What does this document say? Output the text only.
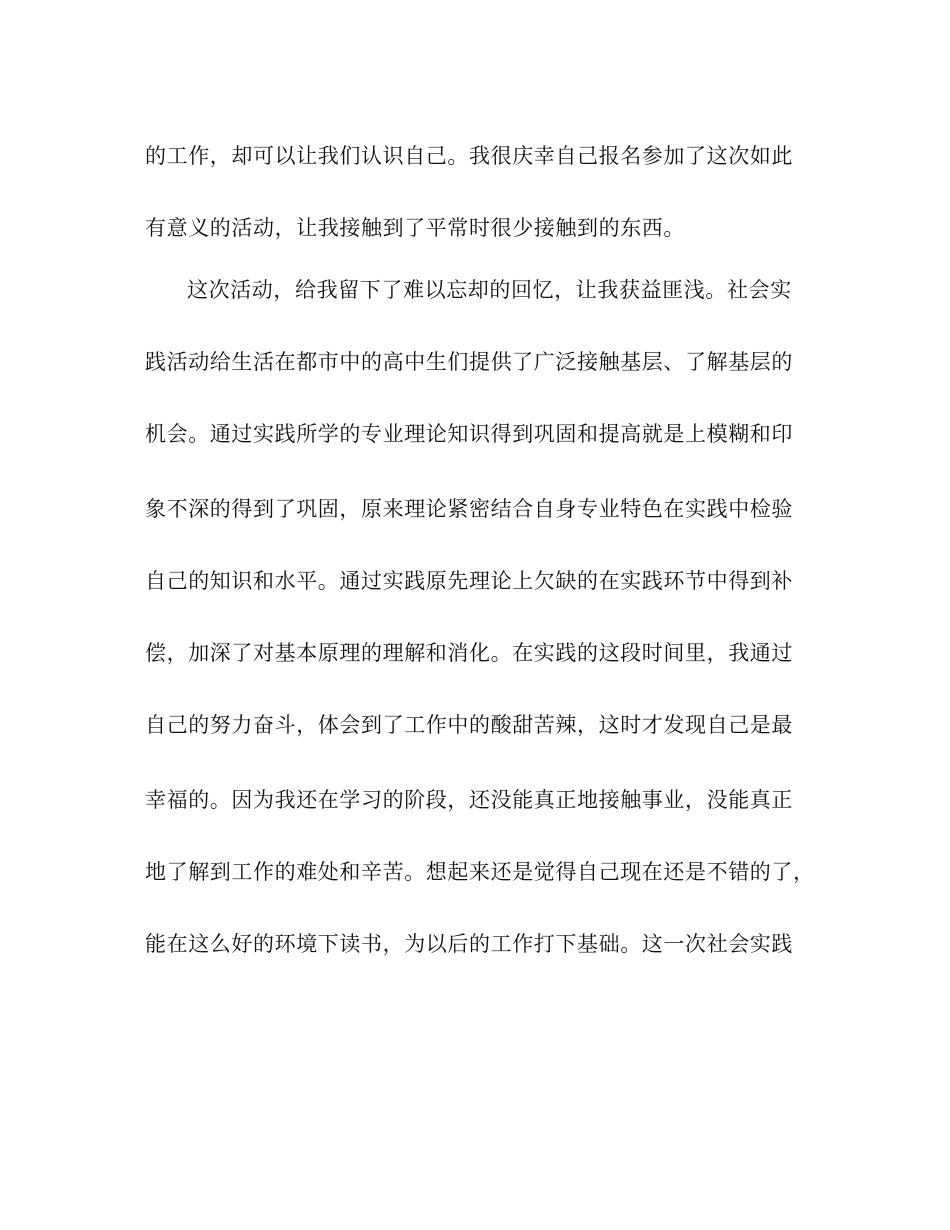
的工作，却可以让我们认识自己。我很庆幸自己报名参加了这次如此
有意义的活动，让我接触到了平常时很少接触到的东西。
这次活动，给我留下了难以忘却的回忆，让我获益匪浅。社会实
践活动给生活在都市中的高中生们提供了广泛接触基层、了解基层的
机会。通过实践所学的专业理论知识得到巩固和提高就是上模糊和印
象不深的得到了巩固，原来理论紧密结合自身专业特色在实践中检验
自己的知识和水平。通过实践原先理论上欠缺的在实践环节中得到补
偿，加深了对基本原理的理解和消化。在实践的这段时间里，我通过
自己的努力奋斗，体会到了工作中的酸甜苦辣，这时才发现自己是最
幸福的。因为我还在学习的阶段，还没能真正地接触事业，没能真正
地了解到工作的难处和辛苦。想起来还是觉得自己现在还是不错的了，
能在这么好的环境下读书，为以后的工作打下基础。这一次社会实践
